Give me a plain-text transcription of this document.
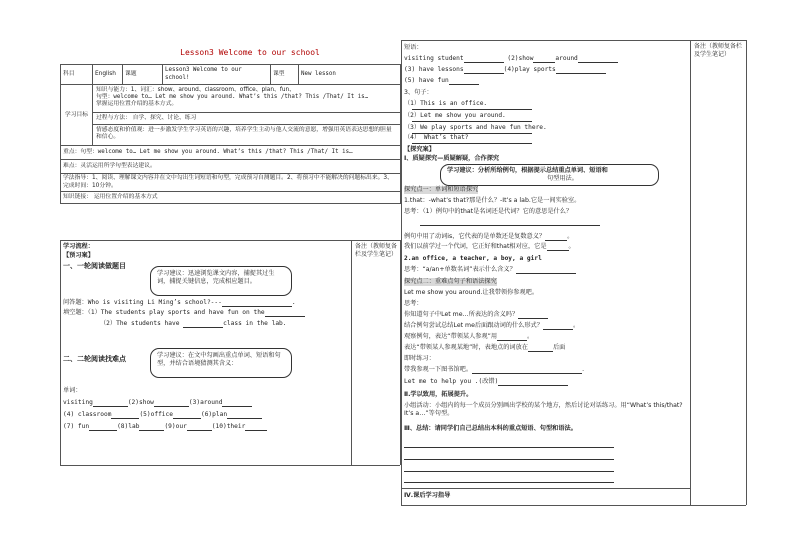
Lesson3 Welcome to our school
科目	English	课题	Lesson3 Welcome to our school!	课型	New lesson
学习目标	知识与能力：1、词汇：show、around、classroom、office、plan、fun、
句型：welcome to… Let me show you around. What’s this /that? This /That/ It is…
掌握运用位置介绍的基本方式。
过程与方法： 自学、探究、讨论、练习
情感态度和价值观：进一步激发学生学习英语的兴趣，培养学生主动与他人交流的意愿，增强用英语表达思想的胆量和信心。				

重点：句型：welcome to… Let me show you around. What’s this /that? This /That/ It is…					
难点：灵活运用所学句型表达建议。					
学法指导：1、阅读、理解课文内容并在文中勾出生词短语和句型，完成预习自测题目。2、将预习中不能解决的问题标出来。3、完成时间：10分钟。					
知识链接： 运用位置介绍的基本方式					
备注（教师复备栏及学生笔记）
学习流程：
【预习案】
一、一轮阅读做题目
学习建议：迅速浏览课文内容，捕捉其过生词，捕捉关键信息，完成相应题目。
问答题：Who is visiting Li Ming’s school?---	.
填空题：（1）The students play sports and have fun on the
（2）The students have	class in the lab.
二、二轮阅读找难点	学习建议：在文中勾画出重点单词、短语和句型，并结合语境猜测其含义：
单词：
visiting	(2)show	(3)around
(4) classroom	(5)office	(6)plan
(7) fun	(8)lab	(9)our	(10)their
备注（教师复备栏及学生笔记）
短语：
visiting student	(2)show	around
(3) have lessons	(4)play sports
(5) have fun
3、句子：
（1）This is an office.
（2）Let me show you around.
（3）We play sports and have fun there.
（4） What’s that?
【探究案】
Ⅰ、质疑探究—质疑解疑，合作探究
学习建议：分析所给例句，根据提示总结重点单词、短语和
句型用法。
探究点一：单词和短语探究
1.that：-what’s that?那是什么？-It’s a lab.它是一间实验室。
思考：（1）例句中的that是名词还是代词？它的意思是什么？
例句中用了动词is，它代表的是单数还是复数意义？	。
我们以前学过一个代词，它正好和that相对应，它是	。
2.an office, a teacher, a boy, a girl
思考：“a/an+单数名词”表示什么含义？
探究点二：重难点句子和语法探究
Let me show you around.让我带领你参观吧。
思考：
你知道句子中Let me…所表达的含义吗？
结合例句尝试总结Let me后面跟动词的什么形式？	。
观察例句，表达“带领某人参观”用	。
表达“带领某人参观某地”时，表地点的词放在	后面
即时练习：
带我参观一下图书馆吧。	.
Let me to help you .(改错)
Ⅱ.学以致用，拓展提升。
小组活动：小组内的每一个成员分别画出学校的某个地方，然后讨论对话练习。用“What’s this/that? It’s a…”等句型。
Ⅲ、总结：请同学们自己总结出本科的重点短语、句型和语法。
Ⅳ.课后学习指导
